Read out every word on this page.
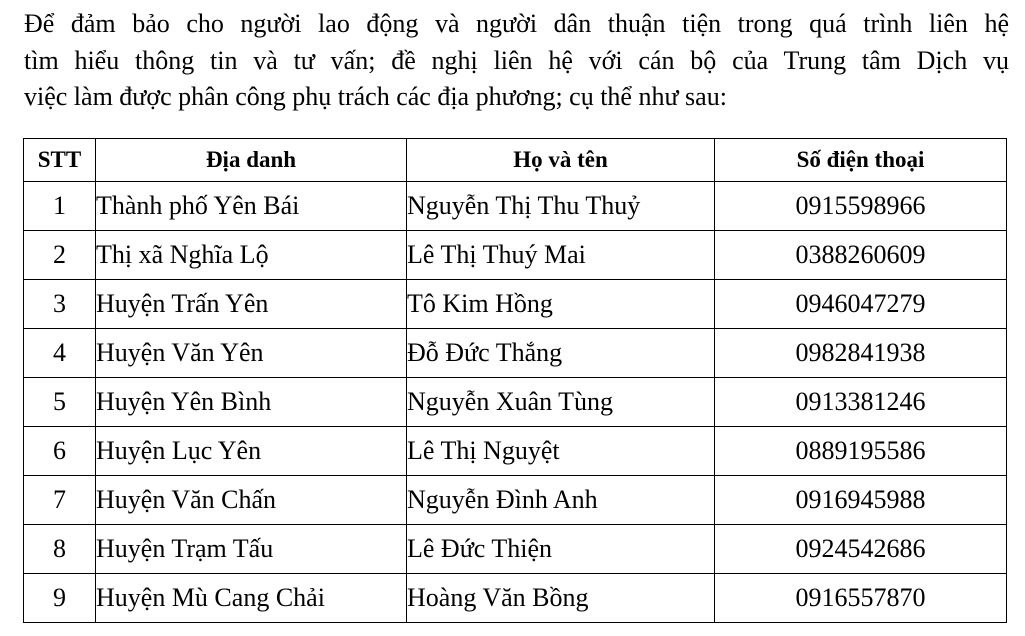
Để đảm bảo cho người lao động và người dân thuận tiện trong quá trình liên hệ
tìm hiểu thông tin và tư vấn; đề nghị liên hệ với cán bộ của Trung tâm Dịch vụ
việc làm được phân công phụ trách các địa phương; cụ thể như sau:

STT	Địa danh	Họ và tên	Số điện thoại
1	Thành phố Yên Bái	Nguyễn Thị Thu Thuỷ	0915598966
2	Thị xã Nghĩa Lộ	Lê Thị Thuý Mai	0388260609
3	Huyện Trấn Yên	Tô Kim Hồng	0946047279
4	Huyện Văn Yên	Đỗ Đức Thắng	0982841938
5	Huyện Yên Bình	Nguyễn Xuân Tùng	0913381246
6	Huyện Lục Yên	Lê Thị Nguyệt	0889195586
7	Huyện Văn Chấn	Nguyễn Đình Anh	0916945988
8	Huyện Trạm Tấu	Lê Đức Thiện	0924542686
9	Huyện Mù Cang Chải	Hoàng Văn Bồng	0916557870
